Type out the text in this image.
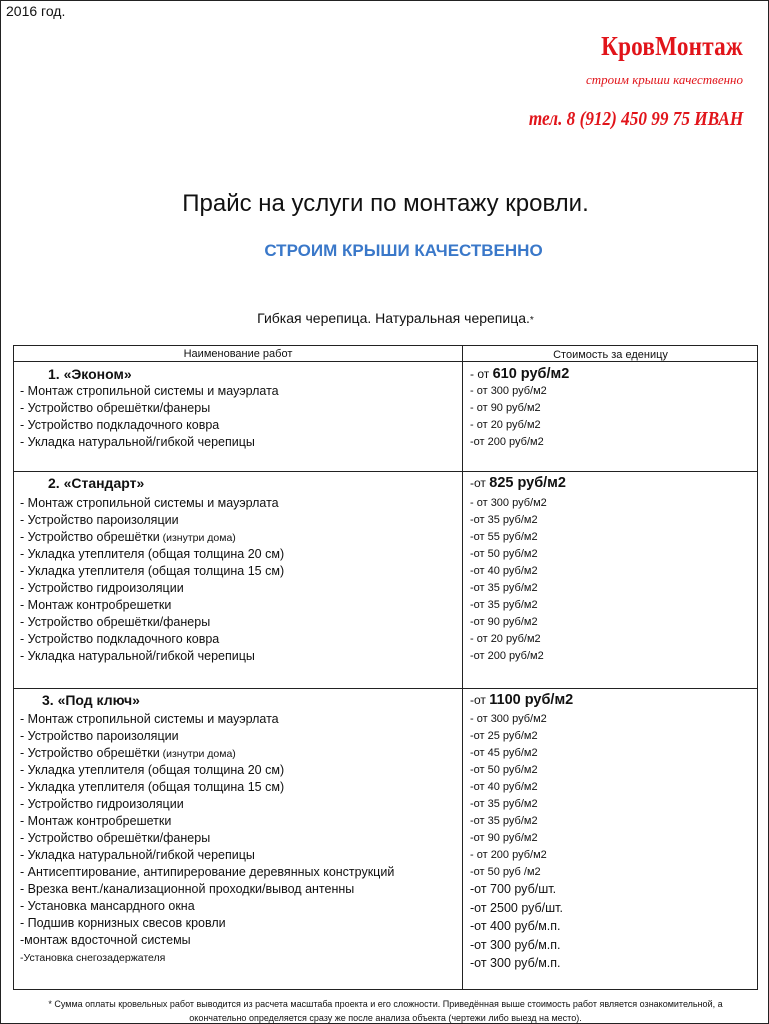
2016 год.
КровМонтаж
строим крыши качественно
тел. 8 (912) 450 99 75 ИВАН
Прайс на услуги по монтажу кровли.
СТРОИМ КРЫШИ КАЧЕСТВЕННО
Гибкая черепица. Натуральная черепица.*
Наименование работ	Стоимость за еденицу
1. «Эконом»	- от 610 руб/м2
- Монтаж стропильной системы и мауэрлата	- от 300 руб/м2
- Устройство обрешётки/фанеры	- от 90 руб/м2
- Устройство подкладочного ковра	- от 20 руб/м2
- Укладка натуральной/гибкой черепицы	-от 200 руб/м2
2. «Стандарт»	-от 825 руб/м2
- Монтаж стропильной системы и мауэрлата	- от 300 руб/м2
- Устройство пароизоляции	-от 35 руб/м2
- Устройство обрешётки (изнутри дома)	-от 55 руб/м2
- Укладка утеплителя (общая толщина 20 см)	-от 50 руб/м2
- Укладка утеплителя (общая толщина 15 см)	-от 40 руб/м2
- Устройство гидроизоляции	-от 35 руб/м2
- Монтаж контробрешетки	-от 35 руб/м2
- Устройство обрешётки/фанеры	-от 90 руб/м2
- Устройство подкладочного ковра	- от 20 руб/м2
- Укладка натуральной/гибкой черепицы	-от 200 руб/м2
3. «Под ключ»	-от 1100 руб/м2
- Монтаж стропильной системы и мауэрлата	- от 300 руб/м2
- Устройство пароизоляции	-от 25 руб/м2
- Устройство обрешётки (изнутри дома)	-от 45 руб/м2
- Укладка утеплителя (общая толщина 20 см)	-от 50 руб/м2
- Укладка утеплителя (общая толщина 15 см)	-от 40 руб/м2
- Устройство гидроизоляции	-от 35 руб/м2
- Монтаж контробрешетки	-от 35 руб/м2
- Устройство обрешётки/фанеры	-от 90 руб/м2
- Укладка натуральной/гибкой черепицы	- от 200 руб/м2
- Антисептирование, антипирерование деревянных конструкций	-от 50 руб /м2
- Врезка вент./канализационной проходки/вывод антенны	-от 700 руб/шт.
- Установка мансардного окна	-от 2500 руб/шт.
- Подшив корнизных свесов кровли	-от 400 руб/м.п.
-монтаж вдосточной системы	-от 300 руб/м.п.
-Установка снегозадержателя	-от 300 руб/м.п.
* Сумма оплаты кровельных работ выводится из расчета масштаба проекта и его сложности. Приведённая выше стоимость работ является ознакомительной, а
окончательно определяется сразу же после анализа объекта (чертежи либо выезд на место).
